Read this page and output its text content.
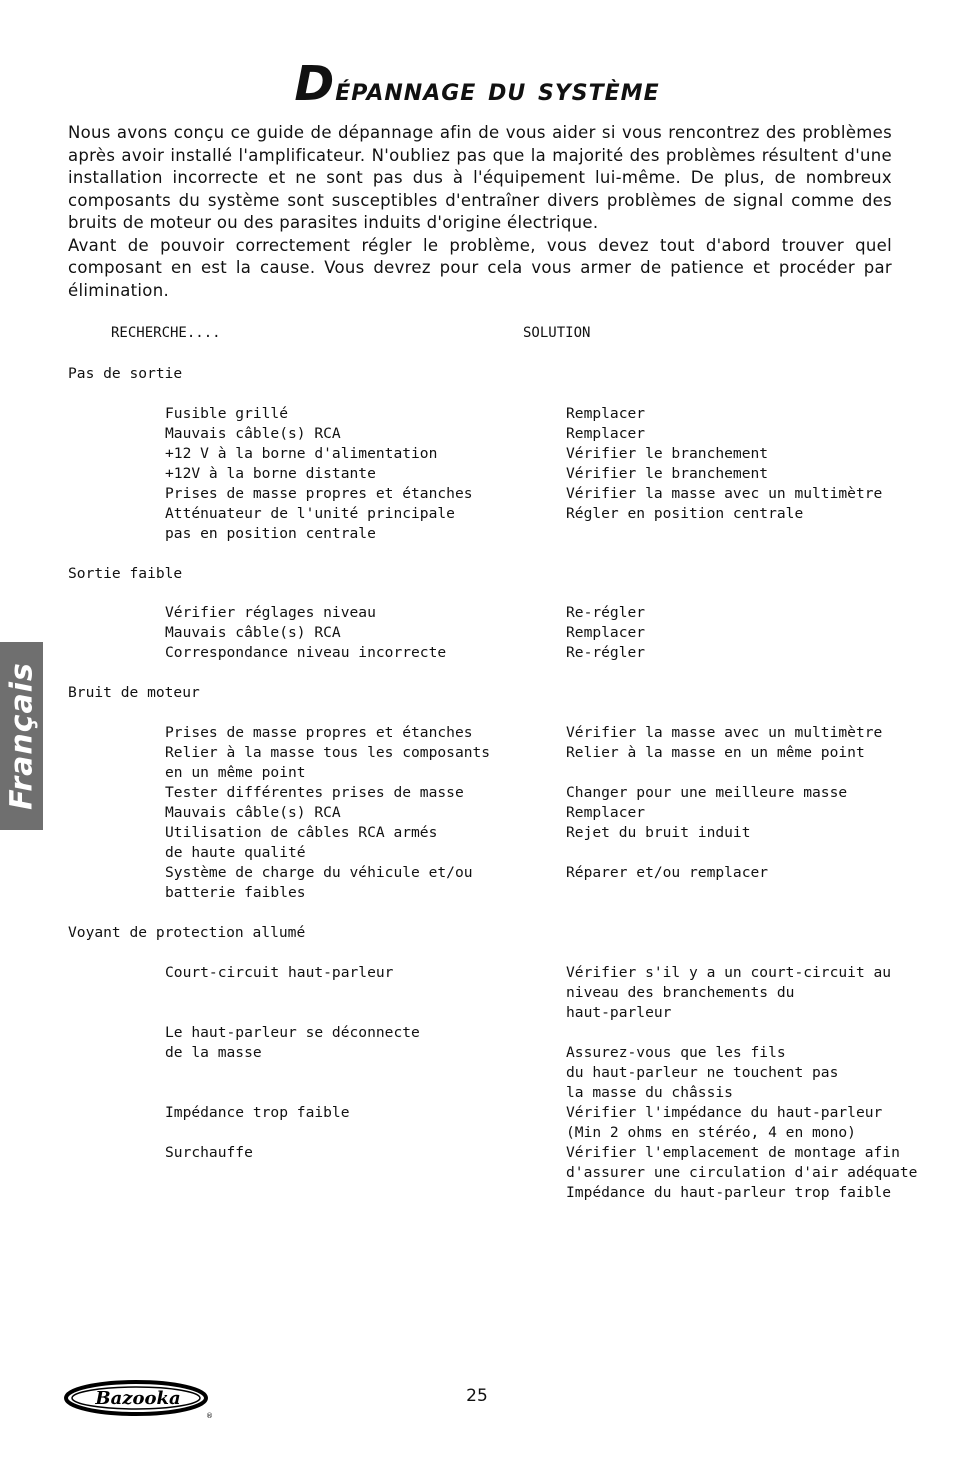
Dépannage du système

Nous avons conçu ce guide de dépannage afin de vous aider si vous rencontrez des problèmes après avoir installé l'amplificateur. N'oubliez pas que la majorité des problèmes résultent d'une installation incorrecte et ne sont pas dus à l'équipement lui-même. De plus, de nombreux composants du système sont susceptibles d'entraîner divers problèmes de signal comme des bruits de moteur ou des parasites induits d'origine électrique.

Avant de pouvoir correctement régler le problème, vous devez tout d'abord trouver quel composant en est la cause. Vous devrez pour cela vous armer de patience et procéder par élimination.

RECHERCHE....	SOLUTION
Pas de sortie
Sortie faible
Bruit de moteur
Voyant de protection allumé
Fusible grillé
Mauvais câble(s) RCA
+12 V à la borne d'alimentation
+12V à la borne distante
Prises de masse propres et étanches
Atténuateur de l'unité principale
pas en position centrale
Vérifier réglages niveau
Mauvais câble(s) RCA
Correspondance niveau incorrecte
Prises de masse propres et étanches
Relier à la masse tous les composants
en un même point
Tester différentes prises de masse
Mauvais câble(s) RCA
Utilisation de câbles RCA armés
de haute qualité
Système de charge du véhicule et/ou
batterie faibles
Court-circuit haut-parleur
Le haut-parleur se déconnecte
de la masse
Impédance trop faible
Surchauffe
Remplacer
Remplacer
Vérifier le branchement
Vérifier le branchement
Vérifier la masse avec un multimètre
Régler en position centrale
Re-régler
Remplacer
Re-régler
Vérifier la masse avec un multimètre
Relier à la masse en un même point
Changer pour une meilleure masse
Remplacer
Rejet du bruit induit
Réparer et/ou remplacer
Vérifier s'il y a un court-circuit au
niveau des branchements du
haut-parleur
Assurez-vous que les fils
du haut-parleur ne touchent pas
la masse du châssis
Vérifier l'impédance du haut-parleur
(Min 2 ohms en stéréo, 4 en mono)
Vérifier l'emplacement de montage afin
d'assurer une circulation d'air adéquate
Impédance du haut-parleur trop faible
Français
Bazooka
®
25
